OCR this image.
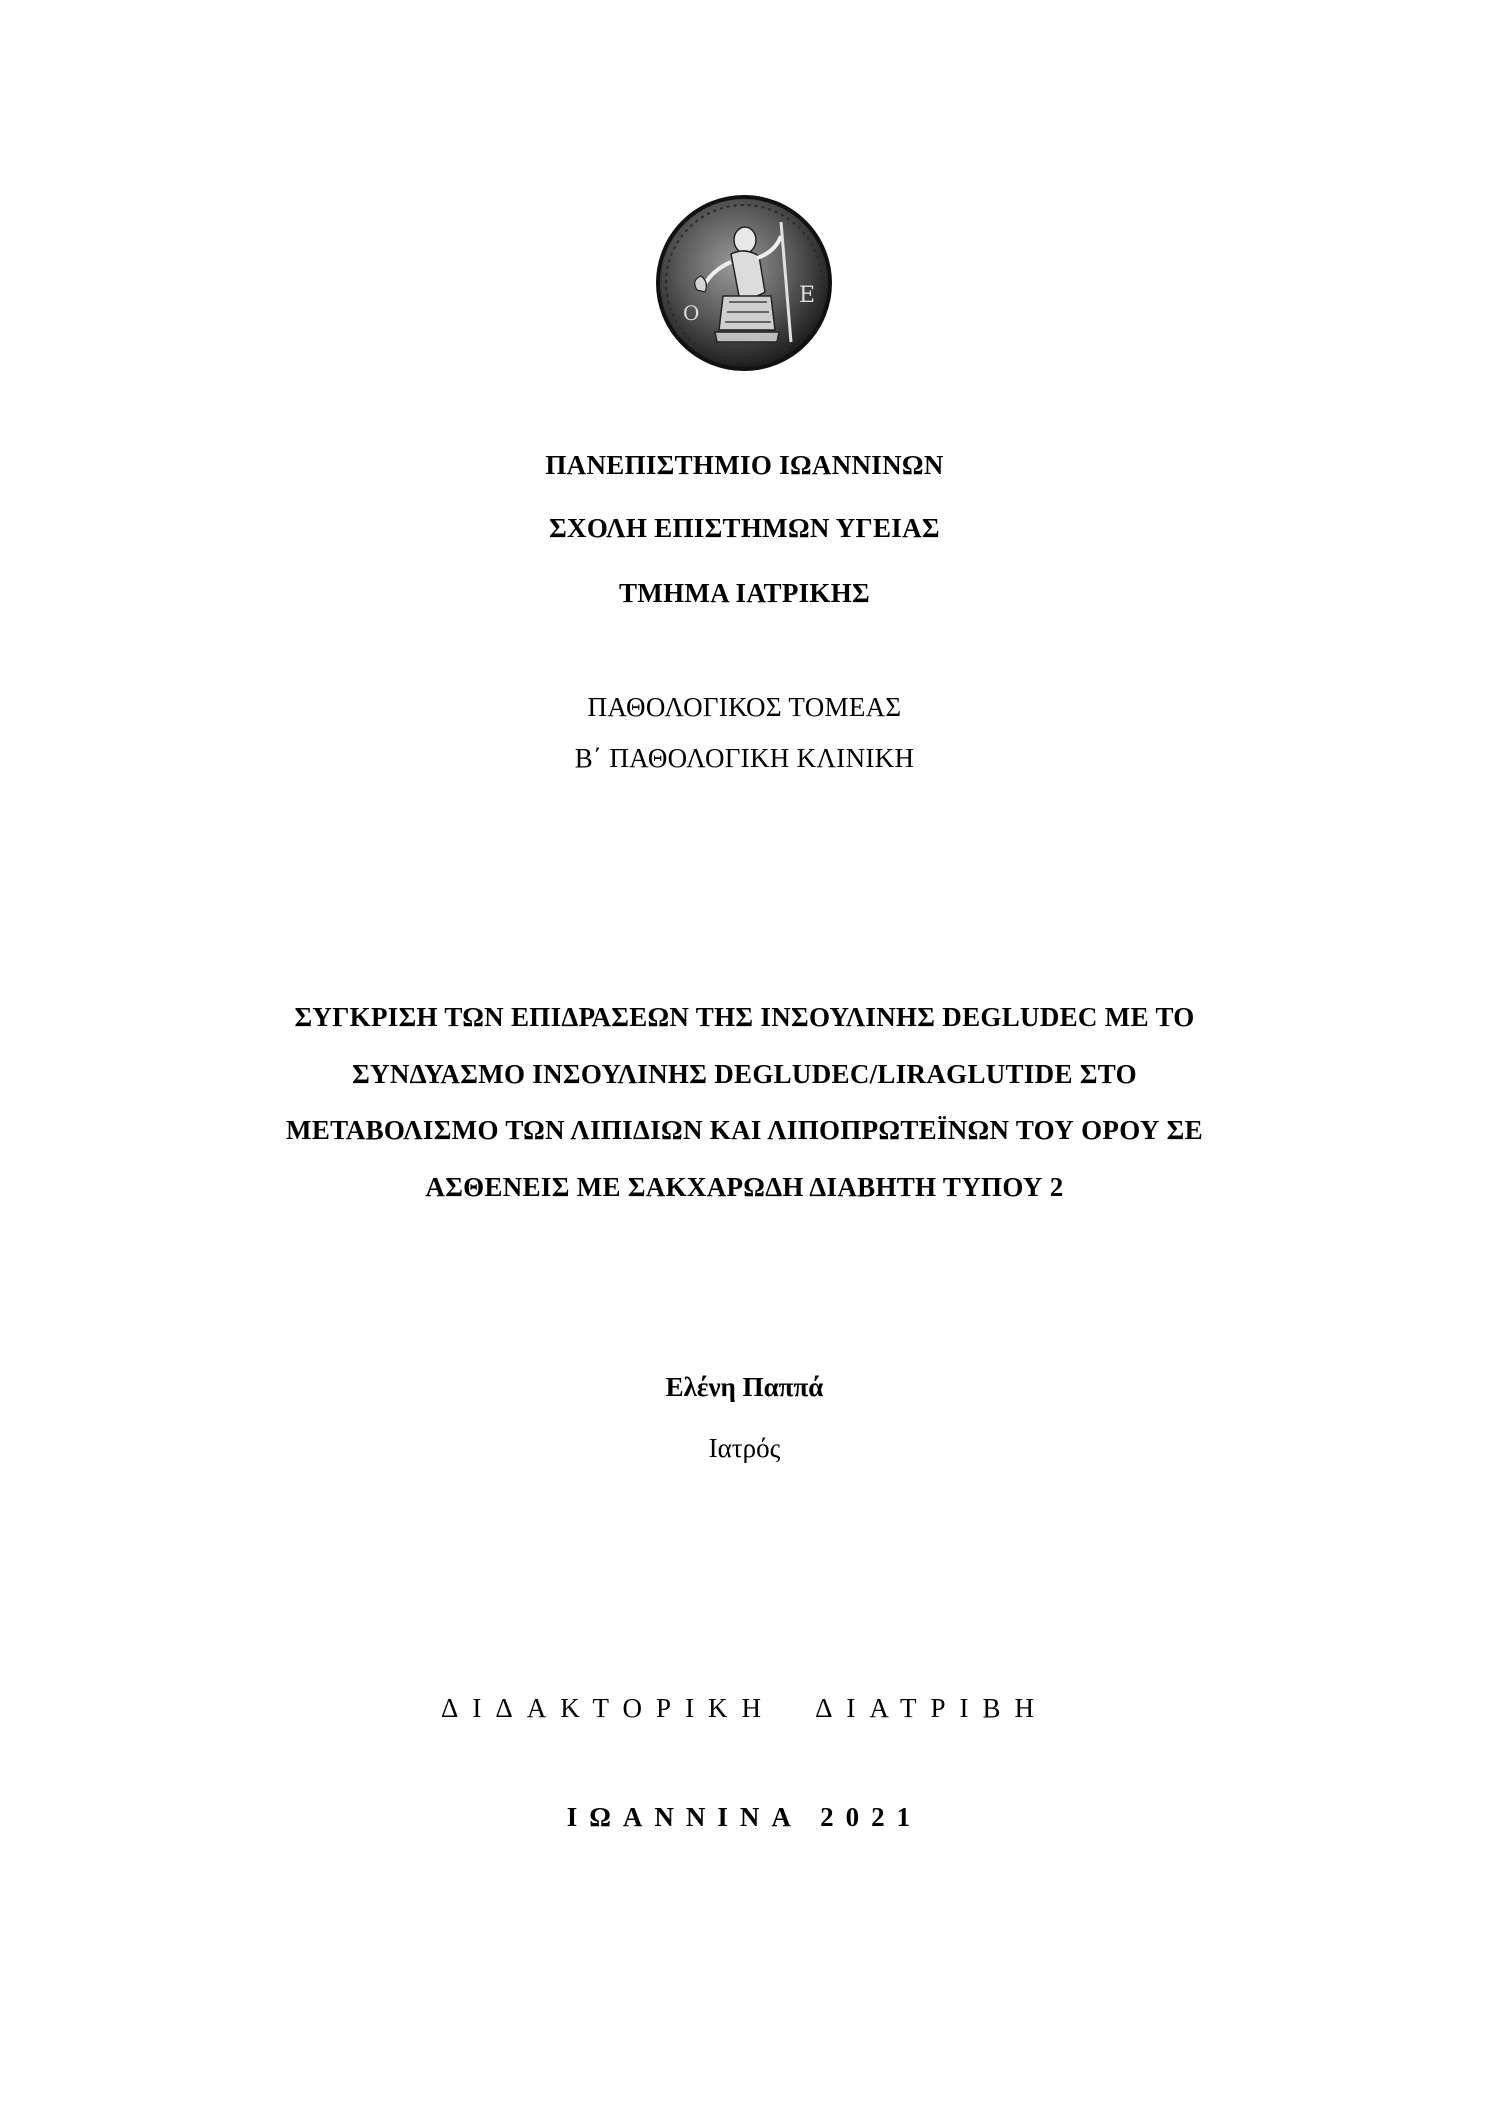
Ε
Ο
ΠΑΝΕΠΙΣΤΗΜΙΟ ΙΩΑΝΝΙΝΩΝ
ΣΧΟΛΗ ΕΠΙΣΤΗΜΩΝ ΥΓΕΙΑΣ
ΤΜΗΜΑ ΙΑΤΡΙΚΗΣ
ΠΑΘΟΛΟΓΙΚΟΣ ΤΟΜΕΑΣ
Β΄ ΠΑΘΟΛΟΓΙΚΗ ΚΛΙΝΙΚΗ
ΣΥΓΚΡΙΣΗ ΤΩΝ ΕΠΙΔΡΑΣΕΩΝ ΤΗΣ ΙΝΣΟΥΛΙΝΗΣ DEGLUDEC ΜΕ ΤΟ
ΣΥΝΔΥΑΣΜΟ ΙΝΣΟΥΛΙΝΗΣ DEGLUDEC/LIRAGLUTIDE ΣΤΟ
ΜΕΤΑΒΟΛΙΣΜΟ ΤΩΝ ΛΙΠΙΔΙΩΝ ΚΑΙ ΛΙΠΟΠΡΩΤΕΪΝΩΝ ΤΟΥ ΟΡΟΥ ΣΕ
ΑΣΘΕΝΕΙΣ ΜΕ ΣΑΚΧΑΡΩΔΗ ΔΙΑΒΗΤΗ ΤΥΠΟΥ 2
Ελένη Παππά
Ιατρός
ΔΙΔΑΚΤΟΡΙΚΗ ΔΙΑΤΡΙΒΗ
ΙΩΑΝΝΙΝΑ 2021
